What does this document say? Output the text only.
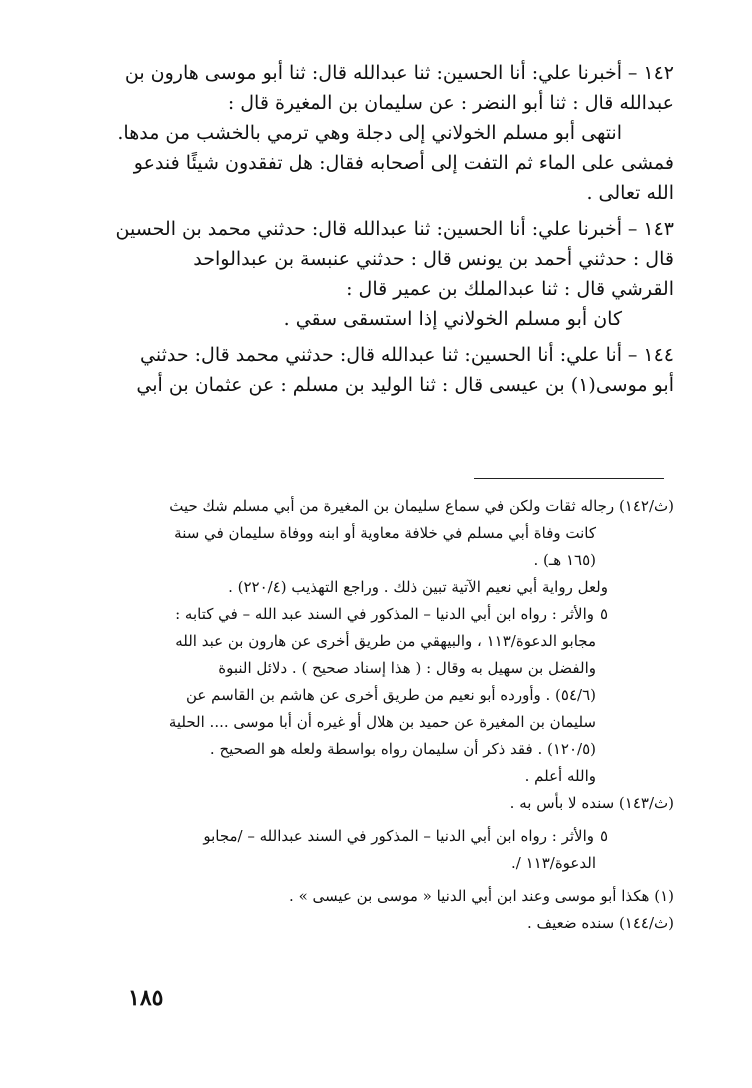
١٤٢ –أخبرنا علي: أنا الحسين: ثنا عبدالله قال: ثنا أبو موسى هارون بن
عبدالله قال : ثنا أبو النضر : عن سليمان بن المغيرة قال :
انتهى أبو مسلم الخولاني إلى دجلة وهي ترمي بالخشب من مدها.
فمشى على الماء ثم التفت إلى أصحابه فقال: هل تفقدون شيئًا فندعو
الله تعالى .
١٤٣ –أخبرنا علي: أنا الحسين: ثنا عبدالله قال: حدثني محمد بن الحسين
قال : حدثني أحمد بن يونس قال : حدثني عنبسة بن عبدالواحد
القرشي قال : ثنا عبدالملك بن عمير قال :
كان أبو مسلم الخولاني إذا استسقى سقي .
١٤٤ –أنا علي: أنا الحسين: ثنا عبدالله قال: حدثني محمد قال: حدثني
أبو موسى(١) بن عيسى قال : ثنا الوليد بن مسلم : عن عثمان بن أبي
(ث/١٤٢) رجاله ثقات ولكن في سماع سليمان بن المغيرة من أبي مسلم شك حيث
كانت وفاة أبي مسلم في خلافة معاوية أو ابنه ووفاة سليمان في سنة
(١٦٥ هـ) .
ولعل رواية أبي نعيم الآتية تبين ذلك . وراجع التهذيب (٢٢٠/٤) .
٥والأثر : رواه ابن أبي الدنيا – المذكور في السند عبد الله – في كتابه :
مجابو الدعوة/١١٣ ، والبيهقي من طريق أخرى عن هارون بن عبد الله
والفضل بن سهيل به وقال : ( هذا إسناد صحيح ) . دلائل النبوة
(٥٤/٦) . وأورده أبو نعيم من طريق أخرى عن هاشم بن القاسم عن
سليمان بن المغيرة عن حميد بن هلال أو غيره أن أبا موسى .... الحلية
(١٢٠/٥) . فقد ذكر أن سليمان رواه بواسطة ولعله هو الصحيح .
والله أعلم .
(ث/١٤٣) سنده لا بأس به .
٥والأثر : رواه ابن أبي الدنيا – المذكور في السند عبدالله – /مجابو
الدعوة/١١٣ /.
(١) هكذا أبو موسى وعند ابن أبي الدنيا « موسى بن عيسى » .
(ث/١٤٤) سنده ضعيف .
١٨٥
